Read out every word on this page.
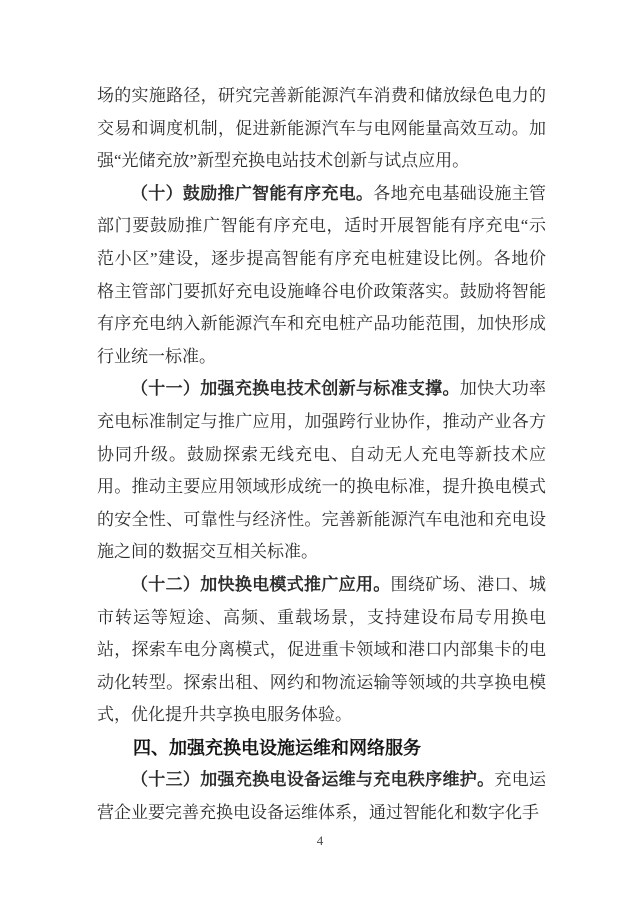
场的实施路径，研究完善新能源汽车消费和储放绿色电力的交易和调度机制，促进新能源汽车与电网能量高效互动。加强“光储充放”新型充换电站技术创新与试点应用。

（十）鼓励推广智能有序充电。各地充电基础设施主管部门要鼓励推广智能有序充电，适时开展智能有序充电“示范小区”建设，逐步提高智能有序充电桩建设比例。各地价格主管部门要抓好充电设施峰谷电价政策落实。鼓励将智能有序充电纳入新能源汽车和充电桩产品功能范围，加快形成行业统一标准。

（十一）加强充换电技术创新与标准支撑。加快大功率充电标准制定与推广应用，加强跨行业协作，推动产业各方协同升级。鼓励探索无线充电、自动无人充电等新技术应用。推动主要应用领域形成统一的换电标准，提升换电模式的安全性、可靠性与经济性。完善新能源汽车电池和充电设施之间的数据交互相关标准。

（十二）加快换电模式推广应用。围绕矿场、港口、城市转运等短途、高频、重载场景，支持建设布局专用换电站，探索车电分离模式，促进重卡领域和港口内部集卡的电动化转型。探索出租、网约和物流运输等领域的共享换电模式，优化提升共享换电服务体验。

四、加强充换电设施运维和网络服务

（十三）加强充换电设备运维与充电秩序维护。充电运营企业要完善充换电设备运维体系，通过智能化和数字化手

4
